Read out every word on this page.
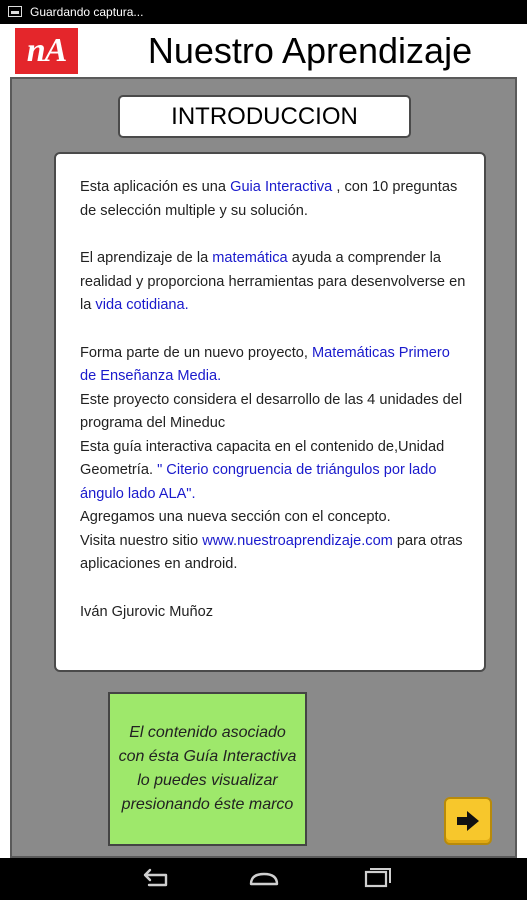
Guardando captura...
nA	Nuestro Aprendizaje
INTRODUCCION

Esta aplicación es una Guia Interactiva , con 10 preguntas de selección multiple y su solución.

El aprendizaje de la matemática ayuda a comprender la realidad y proporciona herramientas para desenvolverse en la vida cotidiana.

Forma parte de un nuevo proyecto, Matemáticas Primero de Enseñanza Media.

Este proyecto considera el desarrollo de las 4 unidades del programa del Mineduc

Esta guía interactiva capacita en el contenido de,Unidad Geometría. " Citerio congruencia de triángulos por lado ángulo lado ALA".

Agregamos una nueva sección con el concepto.

Visita nuestro sitio www.nuestroaprendizaje.com para otras aplicaciones en android.

Iván Gjurovic Muñoz

El contenido asociado con ésta Guía Interactiva lo puedes visualizar presionando éste marco
